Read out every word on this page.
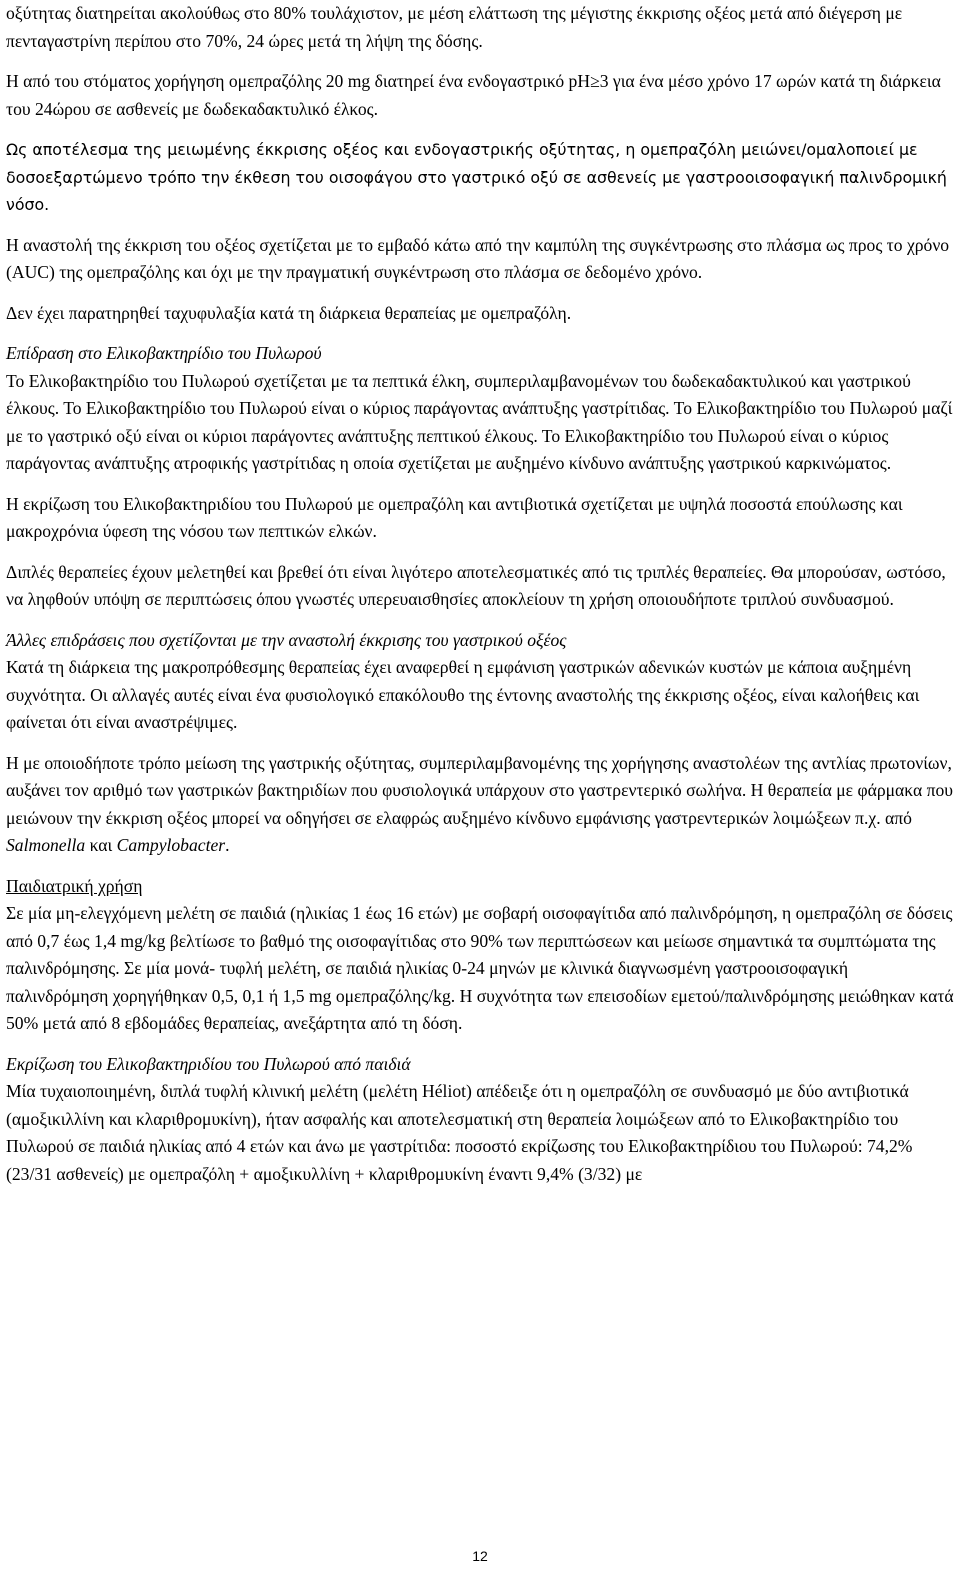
οξύτητας διατηρείται ακολούθως στο 80% τουλάχιστον, με μέση ελάττωση της μέγιστης έκκρισης οξέος μετά από διέγερση με πενταγαστρίνη περίπου στο 70%, 24 ώρες μετά τη λήψη της δόσης.

Η από του στόματος χορήγηση ομεπραζόλης 20 mg διατηρεί ένα ενδογαστρικό pH≥3 για ένα μέσο χρόνο 17 ωρών κατά τη διάρκεια του 24ώρου σε ασθενείς με δωδεκαδακτυλικό έλκος.

Ως αποτέλεσμα της μειωμένης έκκρισης οξέος και ενδογαστρικής οξύτητας, η ομεπραζόλη μειώνει/ομαλοποιεί με δοσοεξαρτώμενο τρόπο την έκθεση του οισοφάγου στο γαστρικό οξύ σε ασθενείς με γαστροοισοφαγική παλινδρομική νόσο.

Η αναστολή της έκκριση του οξέος σχετίζεται με το εμβαδό κάτω από την καμπύλη της συγκέντρωσης στο πλάσμα ως προς το χρόνο (AUC) της ομεπραζόλης και όχι με την πραγματική συγκέντρωση στο πλάσμα σε δεδομένο χρόνο.

Δεν έχει παρατηρηθεί ταχυφυλαξία κατά τη διάρκεια θεραπείας με ομεπραζόλη.

Επίδραση στο Ελικοβακτηρίδιο του Πυλωρού
Το Ελικοβακτηρίδιο του Πυλωρού σχετίζεται με τα πεπτικά έλκη, συμπεριλαμβανομένων του δωδεκαδακτυλικού και γαστρικού έλκους. Το Ελικοβακτηρίδιο του Πυλωρού είναι ο κύριος παράγοντας ανάπτυξης γαστρίτιδας. Το Ελικοβακτηρίδιο του Πυλωρού μαζί με το γαστρικό οξύ είναι οι κύριοι παράγοντες ανάπτυξης πεπτικού έλκους. Το Ελικοβακτηρίδιο του Πυλωρού είναι ο κύριος παράγοντας ανάπτυξης ατροφικής γαστρίτιδας η οποία σχετίζεται με αυξημένο κίνδυνο ανάπτυξης γαστρικού καρκινώματος.

Η εκρίζωση του Ελικοβακτηριδίου του Πυλωρού με ομεπραζόλη και αντιβιοτικά σχετίζεται με υψηλά ποσοστά επούλωσης και μακροχρόνια ύφεση της νόσου των πεπτικών ελκών.

Διπλές θεραπείες έχουν μελετηθεί και βρεθεί ότι είναι λιγότερο αποτελεσματικές από τις τριπλές θεραπείες. Θα μπορούσαν, ωστόσο, να ληφθούν υπόψη σε περιπτώσεις όπου γνωστές υπερευαισθησίες αποκλείουν τη χρήση οποιουδήποτε τριπλού συνδυασμού.

Άλλες επιδράσεις που σχετίζονται με την αναστολή έκκρισης του γαστρικού οξέος
Κατά τη διάρκεια της μακροπρόθεσμης θεραπείας έχει αναφερθεί η εμφάνιση γαστρικών αδενικών κυστών με κάποια αυξημένη συχνότητα. Οι αλλαγές αυτές είναι ένα φυσιολογικό επακόλουθο της έντονης αναστολής της έκκρισης οξέος, είναι καλοήθεις και φαίνεται ότι είναι αναστρέψιμες.

Η με οποιοδήποτε τρόπο μείωση της γαστρικής οξύτητας, συμπεριλαμβανομένης της χορήγησης αναστολέων της αντλίας πρωτονίων, αυξάνει τον αριθμό των γαστρικών βακτηριδίων που φυσιολογικά υπάρχουν στο γαστρεντερικό σωλήνα. Η θεραπεία με φάρμακα που μειώνουν την έκκριση οξέος μπορεί να οδηγήσει σε ελαφρώς αυξημένο κίνδυνο εμφάνισης γαστρεντερικών λοιμώξεων π.χ. από Salmonella και Campylobacter.

Παιδιατρική χρήση
Σε μία μη-ελεγχόμενη μελέτη σε παιδιά (ηλικίας 1 έως 16 ετών) με σοβαρή οισοφαγίτιδα από παλινδρόμηση, η ομεπραζόλη σε δόσεις από 0,7 έως 1,4 mg/kg βελτίωσε το βαθμό της οισοφαγίτιδας στο 90% των περιπτώσεων και μείωσε σημαντικά τα συμπτώματα της παλινδρόμησης. Σε μία μονά- τυφλή μελέτη, σε παιδιά ηλικίας 0-24 μηνών με κλινικά διαγνωσμένη γαστροοισοφαγική παλινδρόμηση χορηγήθηκαν 0,5, 0,1 ή 1,5 mg ομεπραζόλης/kg. Η συχνότητα των επεισοδίων εμετού/παλινδρόμησης μειώθηκαν κατά 50% μετά από 8 εβδομάδες θεραπείας, ανεξάρτητα από τη δόση.
Εκρίζωση του Ελικοβακτηριδίου του Πυλωρού από παιδιά
Μία τυχαιοποιημένη, διπλά τυφλή κλινική μελέτη (μελέτη Héliot) απέδειξε ότι η ομεπραζόλη σε συνδυασμό με δύο αντιβιοτικά (αμοξικιλλίνη και κλαριθρομυκίνη), ήταν ασφαλής και αποτελεσματική στη θεραπεία λοιμώξεων από το Ελικοβακτηρίδιο του Πυλωρού σε παιδιά ηλικίας από 4 ετών και άνω με γαστρίτιδα: ποσοστό εκρίζωσης του Ελικοβακτηρίδιου του Πυλωρού: 74,2% (23/31 ασθενείς) με ομεπραζόλη + αμοξικυλλίνη + κλαριθρομυκίνη έναντι 9,4% (3/32) με
12
